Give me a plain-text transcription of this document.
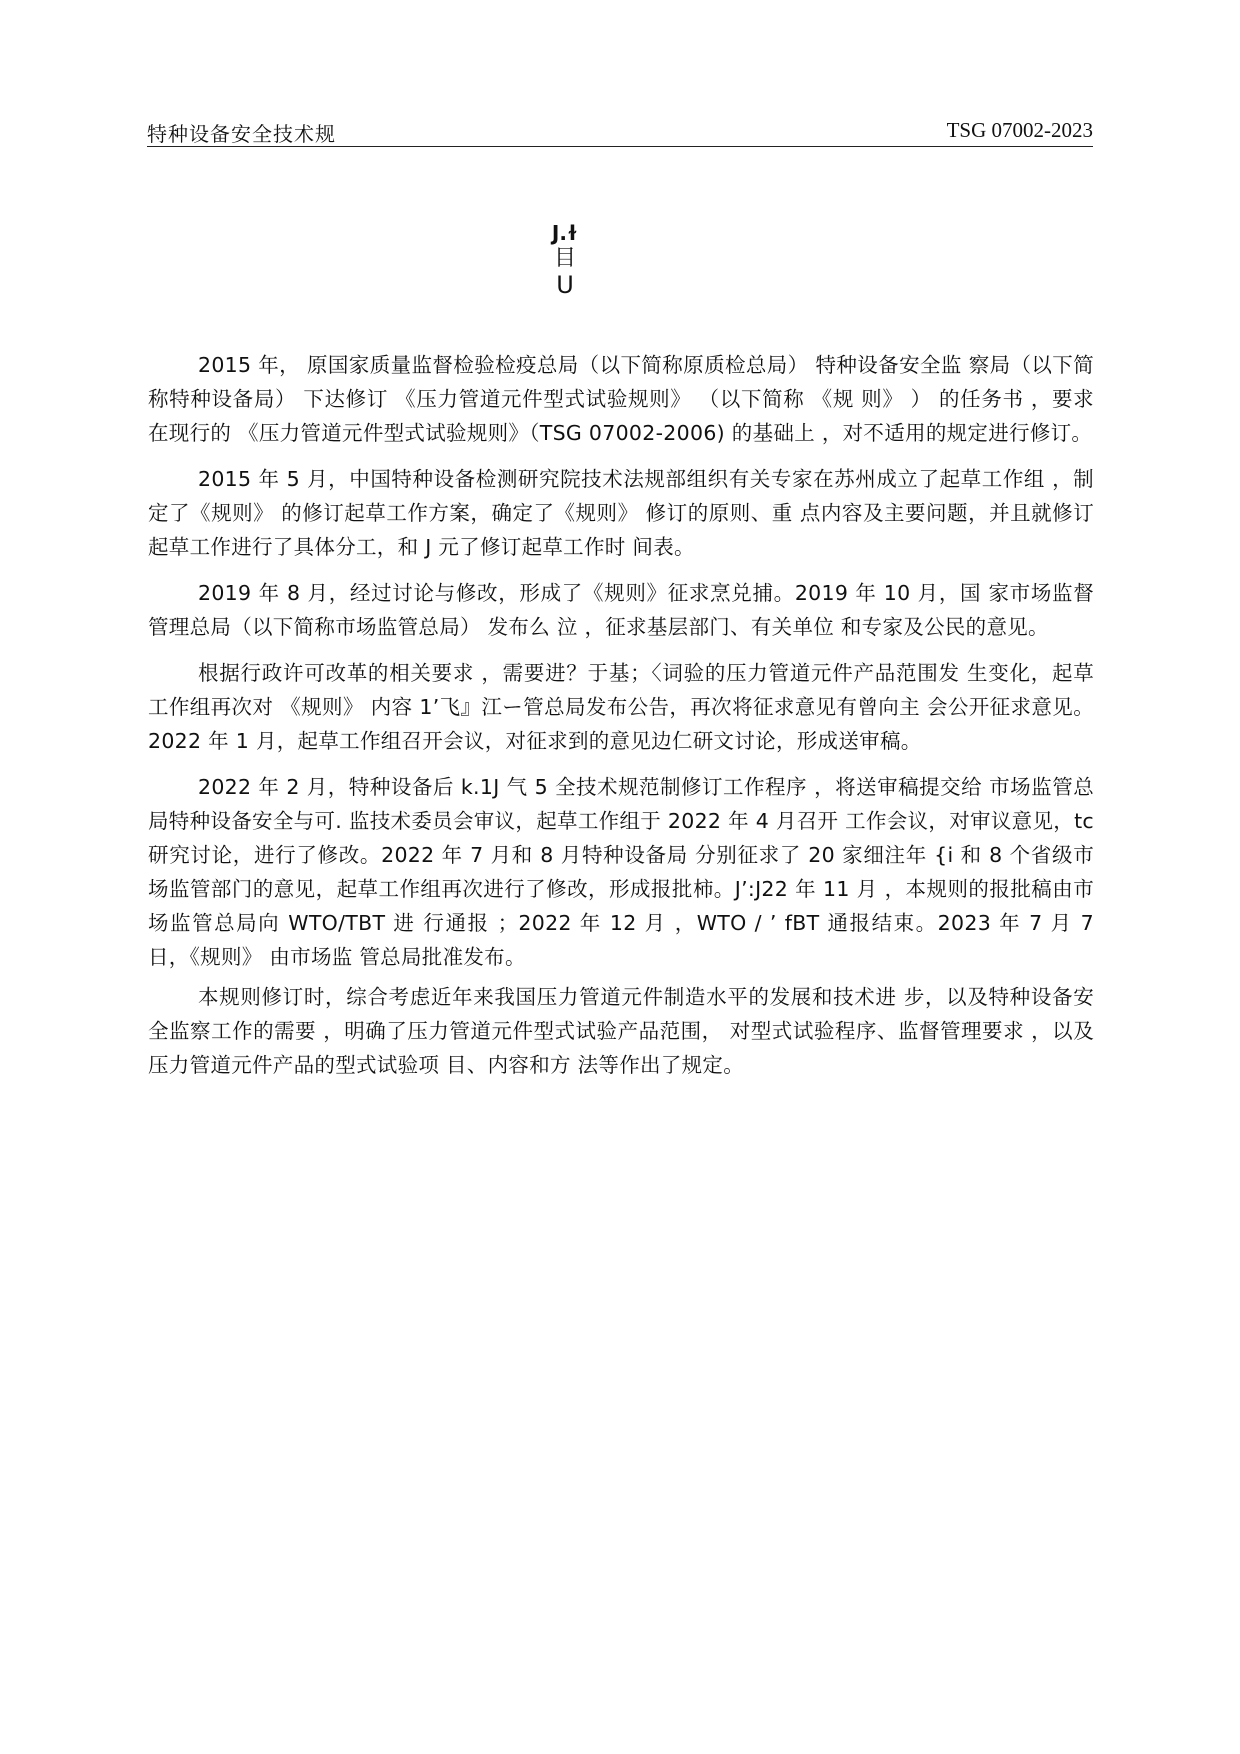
特种设备安全技术规	TSG 07002-2023
J.ɫ
目
U

2015 年， 原国家质量监督检验检疫总局（以下简称原质检总局） 特种设备安全监 察局（以下简称特种设备局） 下达修订 《压力管道元件型式试验规则》 （以下简称 《规 则》 ） 的任务书 ，要求在现行的 《压力管道元件型式试验规则》（TSG 07002-2006) 的基础上 ，对不适用的规定进行修订。

2015 年 5 月，中国特种设备检测研究院技术法规部组织有关专家在苏州成立了起草工作组 ，制定了《规则》 的修订起草工作方案，确定了《规则》 修订的原则、重 点内容及主要问题，并且就修订起草工作进行了具体分工，和 J 元了修订起草工作时 间表。

2019 年 8 月，经过讨论与修改，形成了《规则》征求烹兑捕。2019 年 10 月，国 家市场监督管理总局（以下简称市场监管总局） 发布么 泣 ，征求基层部门、有关单位 和专家及公民的意见。

根据行政许可改革的相关要求 ，需要进？于基；〈词验的压力管道元件产品范围发 生变化，起草工作组再次对 《规则》 内容 1’飞』江ー管总局发布公告，再次将征求意见有曾向主 会公开征求意见。2022 年 1 月，起草工作组召开会议，对征求到的意见边仁研文讨论，形成送审稿。

2022 年 2 月，特种设备后 k.1J 气 5 全技术规范制修订工作程序 ，将送审稿提交给 市场监管总局特种设备安全与可. 监技术委员会审议，起草工作组于 2022 年 4 月召开 工作会议，对审议意见，tc 研究讨论，进行了修改。2022 年 7 月和 8 月特种设备局 分别征求了 20 家细注年 {i 和 8 个省级市场监管部门的意见，起草工作组再次进行了修改，形成报批柿。J’:J22 年 11 月 ，本规则的报批稿由市场监管总局向 WTO/TBT 进 行通报 ；2022 年 12 月 ，WTO / ’ fBT 通报结束。2023 年 7 月 7 日，《规则》 由市场监 管总局批准发布。

本规则修订时，综合考虑近年来我国压力管道元件制造水平的发展和技术进 步，以及特种设备安全监察工作的需要 ，明确了压力管道元件型式试验产品范围， 对型式试验程序、监督管理要求 ，以及压力管道元件产品的型式试验项 目、内容和方 法等作出了规定。
